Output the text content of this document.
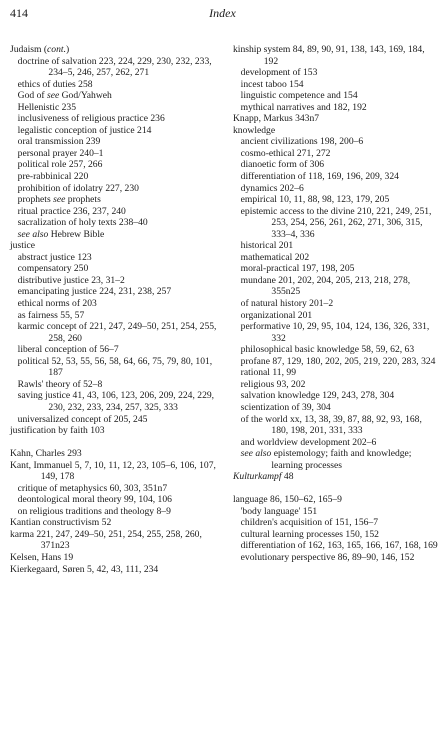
414	Index
Judaism (cont.)
doctrine of salvation 223, 224, 229, 230, 232, 233, 234–5, 246, 257, 262, 271
ethics of duties 258
God of see God/Yahweh
Hellenistic 235
inclusiveness of religious practice 236
legalistic conception of justice 214
oral transmission 239
personal prayer 240–1
political role 257, 266
pre-rabbinical 220
prohibition of idolatry 227, 230
prophets see prophets
ritual practice 236, 237, 240
sacralization of holy texts 238–40
see also Hebrew Bible
justice
abstract justice 123
compensatory 250
distributive justice 23, 31–2
emancipating justice 224, 231, 238, 257
ethical norms of 203
as fairness 55, 57
karmic concept of 221, 247, 249–50, 251, 254, 255, 258, 260
liberal conception of 56–7
political 52, 53, 55, 56, 58, 64, 66, 75, 79, 80, 101, 187
Rawls' theory of 52–8
saving justice 41, 43, 106, 123, 206, 209, 224, 229, 230, 232, 233, 234, 257, 325, 333
universalized concept of 205, 245
justification by faith 103
Kahn, Charles 293
Kant, Immanuel 5, 7, 10, 11, 12, 23, 105–6, 106, 107, 149, 178
critique of metaphysics 60, 303, 351n7
deontological moral theory 99, 104, 106
on religious traditions and theology 8–9
Kantian constructivism 52
karma 221, 247, 249–50, 251, 254, 255, 258, 260, 371n23
Kelsen, Hans 19
Kierkegaard, Søren 5, 42, 43, 111, 234
kinship system 84, 89, 90, 91, 138, 143, 169, 184, 192
development of 153
incest taboo 154
linguistic competence and 154
mythical narratives and 182, 192
Knapp, Markus 343n7
knowledge
ancient civilizations 198, 200–6
cosmo-ethical 271, 272
dianoetic form of 306
differentiation of 118, 169, 196, 209, 324
dynamics 202–6
empirical 10, 11, 88, 98, 123, 179, 205
epistemic access to the divine 210, 221, 249, 251, 253, 254, 256, 261, 262, 271, 306, 315, 333–4, 336
historical 201
mathematical 202
moral-practical 197, 198, 205
mundane 201, 202, 204, 205, 213, 218, 278, 355n25
of natural history 201–2
organizational 201
performative 10, 29, 95, 104, 124, 136, 326, 331, 332
philosophical basic knowledge 58, 59, 62, 63
profane 87, 129, 180, 202, 205, 219, 220, 283, 324
rational 11, 99
religious 93, 202
salvation knowledge 129, 243, 278, 304
scientization of 39, 304
of the world xx, 13, 38, 39, 87, 88, 92, 93, 168, 180, 198, 201, 331, 333
and worldview development 202–6
see also epistemology; faith and knowledge; learning processes
Kulturkampf 48
language 86, 150–62, 165–9
'body language' 151
children's acquisition of 151, 156–7
cultural learning processes 150, 152
differentiation of 162, 163, 165, 166, 167, 168, 169
evolutionary perspective 86, 89–90, 146, 152
